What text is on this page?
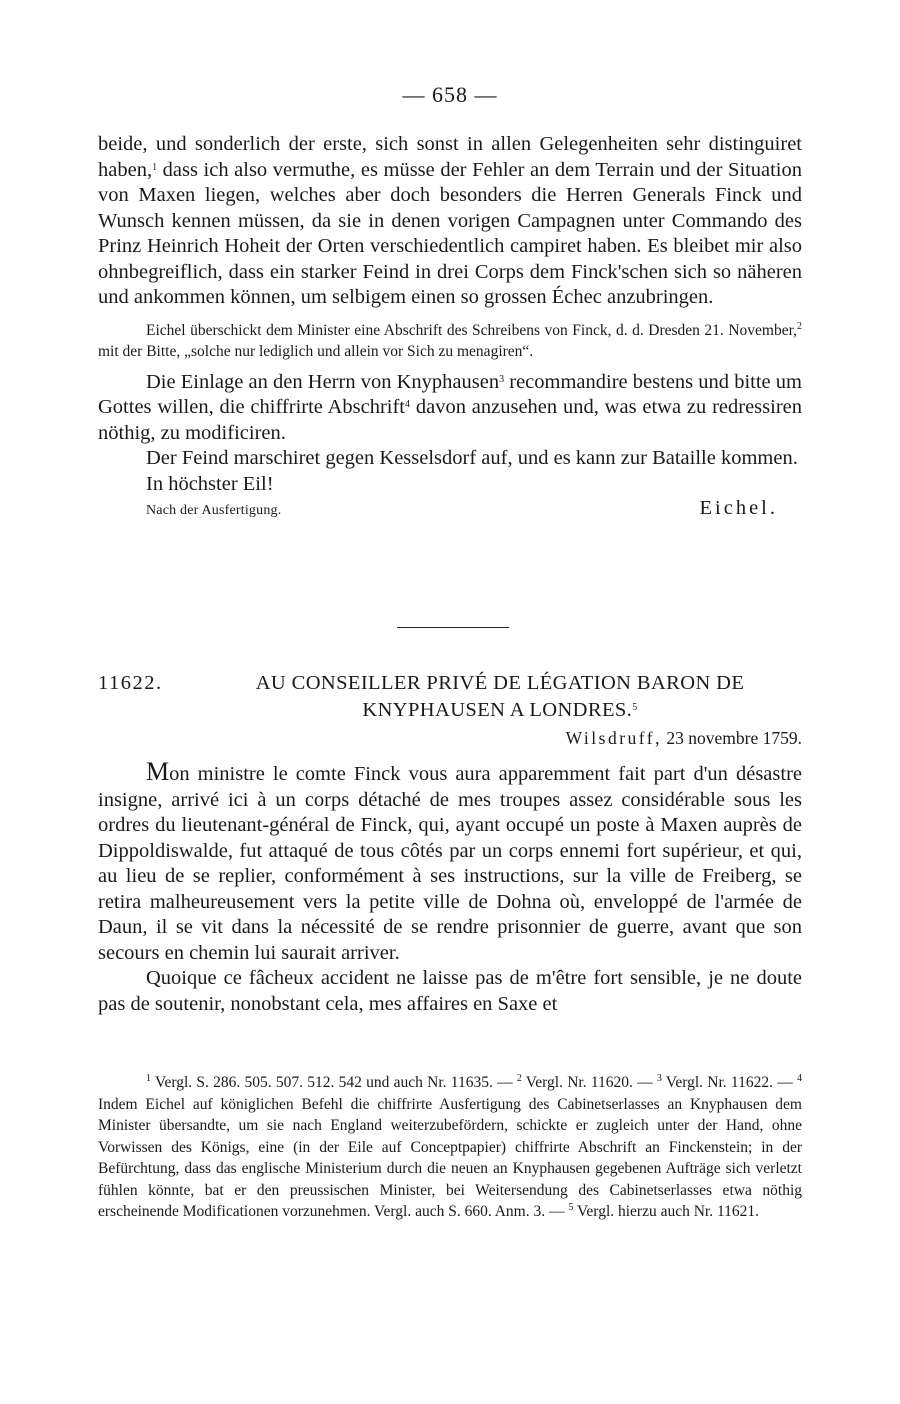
— 658 —

beide, und sonderlich der erste, sich sonst in allen Gelegenheiten sehr distinguiret haben,$^1$ dass ich also vermuthe, es müsse der Fehler an dem Terrain und der Situation von Maxen liegen, welches aber doch besonders die Herren Generals Finck und Wunsch kennen müssen, da sie in denen vorigen Campagnen unter Commando des Prinz Heinrich Hoheit der Orten verschiedentlich campiret haben. Es bleibet mir also ohnbegreiflich, dass ein starker Feind in drei Corps dem Finck'schen sich so näheren und ankommen können, um selbigem einen so grossen Échec anzubringen.

Eichel überschickt dem Minister eine Abschrift des Schreibens von Finck, d. d. Dresden 21. November,$^2$ mit der Bitte, „solche nur lediglich und allein vor Sich zu menagiren“.

Die Einlage an den Herrn von Knyphausen$^3$ recommandire bestens und bitte um Gottes willen, die chiffrirte Abschrift$^4$ davon anzusehen und, was etwa zu redressiren nöthig, zu modificiren.

Der Feind marschiret gegen Kesselsdorf auf, und es kann zur Bataille kommen.

In höchster Eil!

Nach der Ausfertigung.	Eichel.
11622.	AU CONSEILLER PRIVÉ DE LÉGATION BARON DE KNYPHAUSEN A LONDRES.$^5$
Wilsdruff, 23 novembre 1759.

Mon ministre le comte Finck vous aura apparemment fait part d'un désastre insigne, arrivé ici à un corps détaché de mes troupes assez considérable sous les ordres du lieutenant-général de Finck, qui, ayant occupé un poste à Maxen auprès de Dippoldiswalde, fut attaqué de tous côtés par un corps ennemi fort supérieur, et qui, au lieu de se replier, conformément à ses instructions, sur la ville de Freiberg, se retira malheureusement vers la petite ville de Dohna où, enveloppé de l'armée de Daun, il se vit dans la nécessité de se rendre prisonnier de guerre, avant que son secours en chemin lui saurait arriver.

Quoique ce fâcheux accident ne laisse pas de m'être fort sensible, je ne doute pas de soutenir, nonobstant cela, mes affaires en Saxe et

$^1$ Vergl. S. 286. 505. 507. 512. 542 und auch Nr. 11635. — $^2$ Vergl. Nr. 11620. — $^3$ Vergl. Nr. 11622. — $^4$ Indem Eichel auf königlichen Befehl die chiffrirte Ausfertigung des Cabinetserlasses an Knyphausen dem Minister übersandte, um sie nach England weiterzubefördern, schickte er zugleich unter der Hand, ohne Vorwissen des Königs, eine (in der Eile auf Conceptpapier) chiffrirte Abschrift an Finckenstein; in der Befürchtung, dass das englische Ministerium durch die neuen an Knyphausen gegebenen Aufträge sich verletzt fühlen könnte, bat er den preussischen Minister, bei Weitersendung des Cabinetserlasses etwa nöthig erscheinende Modificationen vorzunehmen. Vergl. auch S. 660. Anm. 3. — $^5$ Vergl. hierzu auch Nr. 11621.
